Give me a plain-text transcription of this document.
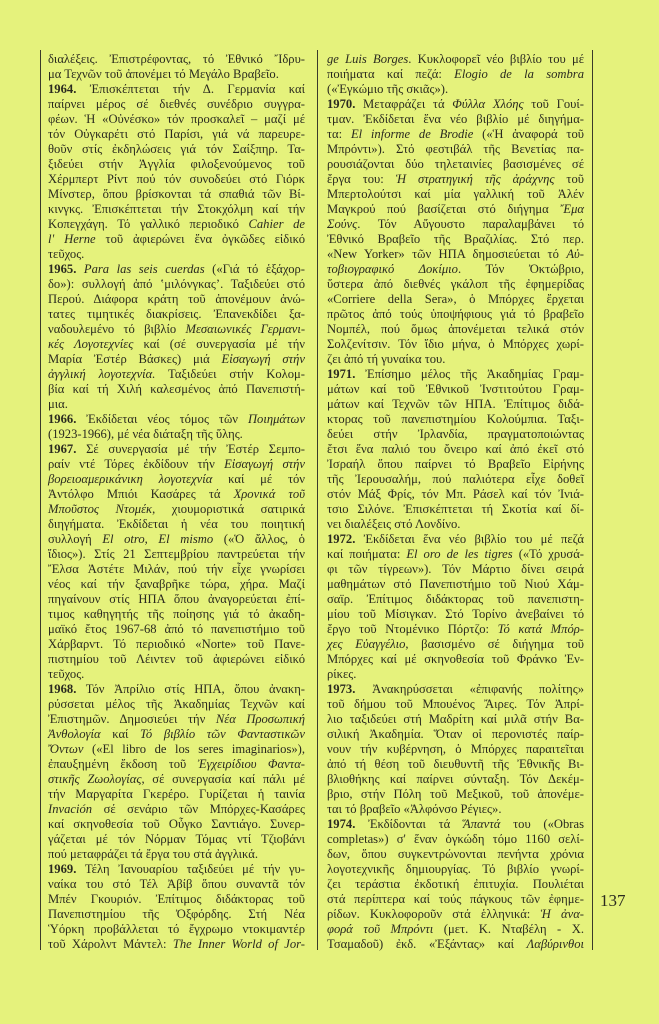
διαλέξεις. Ἐπιστρέφοντας, τό Ἐθνικό Ἴδρυ-
μα Τεχνῶν τοῦ ἀπονέμει τό Μεγάλο Βραβεῖο.
1964. Ἐπισκέπτεται τήν Δ. Γερμανία καί
παίρνει μέρος σέ διεθνές συνέδριο συγγρα-
φέων. Ἡ «Οὐνέσκο» τόν προσκαλεῖ – μαζί μέ
τόν Οὐγκαρέτι στό Παρίσι, γιά νά παρευρε-
θοῦν στίς ἐκδηλώσεις γιά τόν Σαίξπηρ. Τα-
ξιδεύει στήν Ἀγγλία φιλοξενούμενος τοῦ
Χέρμπερτ Ρίντ πού τόν συνοδεύει στό Γιόρκ
Μίνστερ, ὅπου βρίσκονται τά σπαθιά τῶν Βί-
κινγκς. Ἐπισκέπτεται τήν Στοκχόλμη καί τήν
Κοπεγχάγη. Τό γαλλικό περιοδικό Cahier de
l' Herne τοῦ ἀφιερώνει ἕνα ὀγκῶδες εἰδικό
τεῦχος.
1965. Para las seis cuerdas («Γιά τό ἑξάχορ-
δο»): συλλογή ἀπό ‛μιλόνγκας’. Ταξιδεύει στό
Περού. Διάφορα κράτη τοῦ ἀπονέμουν ἀνώ-
τατες τιμητικές διακρίσεις. Ἐπανεκδίδει ξα-
ναδουλεμένο τό βιβλίο Μεσαιωνικές Γερμανι-
κές Λογοτεχνίες καί (σέ συνεργασία μέ τήν
Μαρία Ἐστέρ Βάσκες) μιά Εἰσαγωγή στήν
ἀγγλική λογοτεχνία. Ταξιδεύει στήν Κολομ-
βία καί τή Χιλή καλεσμένος ἀπό Πανεπιστή-
μια.
1966. Ἐκδίδεται νέος τόμος τῶν Ποιημάτων
(1923-1966), μέ νέα διάταξη τῆς ὕλης.
1967. Σέ συνεργασία μέ τήν Ἐστέρ Σεμπο-
ραίν ντέ Τόρες ἐκδίδουν τήν Εἰσαγωγή στήν
βορειοαμερικάνικη λογοτεχνία καί μέ τόν
Ἀντόλφο Μπιόι Κασάρες τά Χρονικά τοῦ
Μποῦστος Ντομέκ, χιουμοριστικά σατιρικά
διηγήματα. Ἐκδίδεται ἡ νέα του ποιητική
συλλογή El otro, El mismo («Ὁ ἄλλος, ὁ
ἴδιος»). Στίς 21 Σεπτεμβρίου παντρεύεται τήν
Ἔλσα Ἀστέτε Μιλάν, πού τήν εἶχε γνωρίσει
νέος καί τήν ξαναβρῆκε τώρα, χήρα. Μαζί
πηγαίνουν στίς ΗΠΑ ὅπου ἀναγορεύεται ἐπί-
τιμος καθηγητής τῆς ποίησης γιά τό ἀκαδη-
μαϊκό ἔτος 1967-68 ἀπό τό πανεπιστήμιο τοῦ
Χάρβαρντ. Τό περιοδικό «Norte» τοῦ Πανε-
πιστημίου τοῦ Λέιντεν τοῦ ἀφιερώνει εἰδικό
τεῦχος.
1968. Τόν Ἀπρίλιο στίς ΗΠΑ, ὅπου ἀνακη-
ρύσσεται μέλος τῆς Ἀκαδημίας Τεχνῶν καί
Ἐπιστημῶν. Δημοσιεύει τήν Νέα Προσωπική
Ἀνθολογία καί Τό βιβλίο τῶν Φανταστικῶν
Ὄντων («El libro de los seres imaginarios»),
ἐπαυξημένη ἔκδοση τοῦ Ἐγχειρίδιου Φαντα-
στικῆς Ζωολογίας, σέ συνεργασία καί πάλι μέ
τήν Μαργαρίτα Γκερέρο. Γυρίζεται ἡ ταινία
Invación σέ σενάριο τῶν Μπόρχες-Κασάρες
καί σκηνοθεσία τοῦ Οὖγκο Σαντιάγο. Συνερ-
γάζεται μέ τόν Νόρμαν Τόμας ντί Τζιοβάνι
πού μεταφράζει τά ἔργα του στά ἀγγλικά.
1969. Τέλη Ἰανουαρίου ταξιδεύει μέ τήν γυ-
ναίκα του στό Τέλ Ἀβίβ ὅπου συναντᾶ τόν
Μπέν Γκουριόν. Ἐπίτιμος διδάκτορας τοῦ
Πανεπιστημίου τῆς Ὀξφόρδης. Στή Νέα
Ὑόρκη προβάλλεται τό ἔγχρωμο ντοκιμαντέρ
τοῦ Χάρολντ Μάντελ: The Inner World of Jor-
ge Luis Borges. Κυκλοφορεῖ νέο βιβλίο του μέ
ποιήματα καί πεζά: Elogio de la sombra
(«Ἐγκώμιο τῆς σκιᾶς»).
1970. Μεταφράζει τά Φύλλα Χλόης τοῦ Γουί-
τμαν. Ἐκδίδεται ἕνα νέο βιβλίο μέ διηγήμα-
τα: El informe de Brodie («Ἡ ἀναφορά τοῦ
Μπρόντι»). Στό φεστιβάλ τῆς Βενετίας πα-
ρουσιάζονται δύο τηλεταινίες βασισμένες σέ
ἔργα του: Ἡ στρατηγική τῆς ἀράχνης τοῦ
Μπερτολούτσι καί μία γαλλική τοῦ Ἀλέν
Μαγκρού πού βασίζεται στό διήγημα Ἔμα
Σούνς. Τόν Αὔγουστο παραλαμβάνει τό
Ἐθνικό Βραβεῖο τῆς Βραζιλίας. Στό περ.
«New Yorker» τῶν ΗΠΑ δημοσιεύεται τό Αὐ-
τοβιογραφικό Δοκίμιο. Τόν Ὀκτώβριο,
ὕστερα ἀπό διεθνές γκάλοπ τῆς ἐφημερίδας
«Corriere della Sera», ὁ Μπόρχες ἔρχεται
πρῶτος ἀπό τούς ὑποψήφιους γιά τό βραβεῖο
Νομπέλ, πού ὅμως ἀπονέμεται τελικά στόν
Σολζενίτσιν. Τόν ἴδιο μήνα, ὁ Μπόρχες χωρί-
ζει ἀπό τή γυναίκα του.
1971. Ἐπίσημο μέλος τῆς Ἀκαδημίας Γραμ-
μάτων καί τοῦ Ἐθνικοῦ Ἰνστιτούτου Γραμ-
μάτων καί Τεχνῶν τῶν ΗΠΑ. Ἐπίτιμος διδά-
κτορας τοῦ πανεπιστημίου Κολούμπια. Ταξι-
δεύει στήν Ἰρλανδία, πραγματοποιώντας
ἔτσι ἕνα παλιό του ὄνειρο καί ἀπό ἐκεῖ στό
Ἰσραήλ ὅπου παίρνει τό Βραβεῖο Εἰρήνης
τῆς Ἰερουσαλήμ, πού παλιότερα εἶχε δοθεῖ
στόν Μάξ Φρίς, τόν Μπ. Ράσελ καί τόν Ἰνιά-
τσιο Σιλόνε. Ἐπισκέπτεται τή Σκοτία καί δί-
νει διαλέξεις στό Λονδίνο.
1972. Ἐκδίδεται ἕνα νέο βιβλίο του μέ πεζά
καί ποιήματα: El oro de les tigres («Τό χρυσά-
φι τῶν τίγρεων»). Τόν Μάρτιο δίνει σειρά
μαθημάτων στό Πανεπιστήμιο τοῦ Νιού Χάμ-
σαϊρ. Ἐπίτιμος διδάκτορας τοῦ πανεπιστη-
μίου τοῦ Μίσιγκαν. Στό Τορίνο ἀνεβαίνει τό
ἔργο τοῦ Ντομένικο Πόρτζο: Τό κατά Μπόρ-
χες Εὐαγγέλιο, βασισμένο σέ διήγημα τοῦ
Μπόρχες καί μέ σκηνοθεσία τοῦ Φράνκο Ἐν-
ρίκες.
1973. Ἀνακηρύσσεται «ἐπιφανής πολίτης»
τοῦ δήμου τοῦ Μπουένος Ἄιρες. Τόν Ἀπρί-
λιο ταξιδεύει στή Μαδρίτη καί μιλᾶ στήν Βα-
σιλική Ἀκαδημία. Ὅταν οἱ περονιστές παίρ-
νουν τήν κυβέρνηση, ὁ Μπόρχες παραιτεῖται
ἀπό τή θέση τοῦ διευθυντῆ τῆς Ἐθνικῆς Βι-
βλιοθήκης καί παίρνει σύνταξη. Τόν Δεκέμ-
βριο, στήν Πόλη τοῦ Μεξικοῦ, τοῦ ἀπονέμε-
ται τό βραβεῖο «Ἀλφόνσο Ρέγιες».
1974. Ἐκδίδονται τά Ἅπαντά του («Obras
completas») σ' ἕναν ὀγκώδη τόμο 1160 σελί-
δων, ὅπου συγκεντρώνονται πενήντα χρόνια
λογοτεχνικῆς δημιουργίας. Τό βιβλίο γνωρί-
ζει τεράστια ἐκδοτική ἐπιτυχία. Πουλιέται
στά περίπτερα καί τούς πάγκους τῶν ἐφημε-
ρίδων. Κυκλοφοροῦν στά ἑλληνικά: Ἡ ἀνα-
φορά τοῦ Μπρόντι (μετ. Κ. Νταβέλη - Χ.
Τσαμαδοῦ) ἐκδ. «Ἐξάντας» καί Λαβύρινθοι
137
